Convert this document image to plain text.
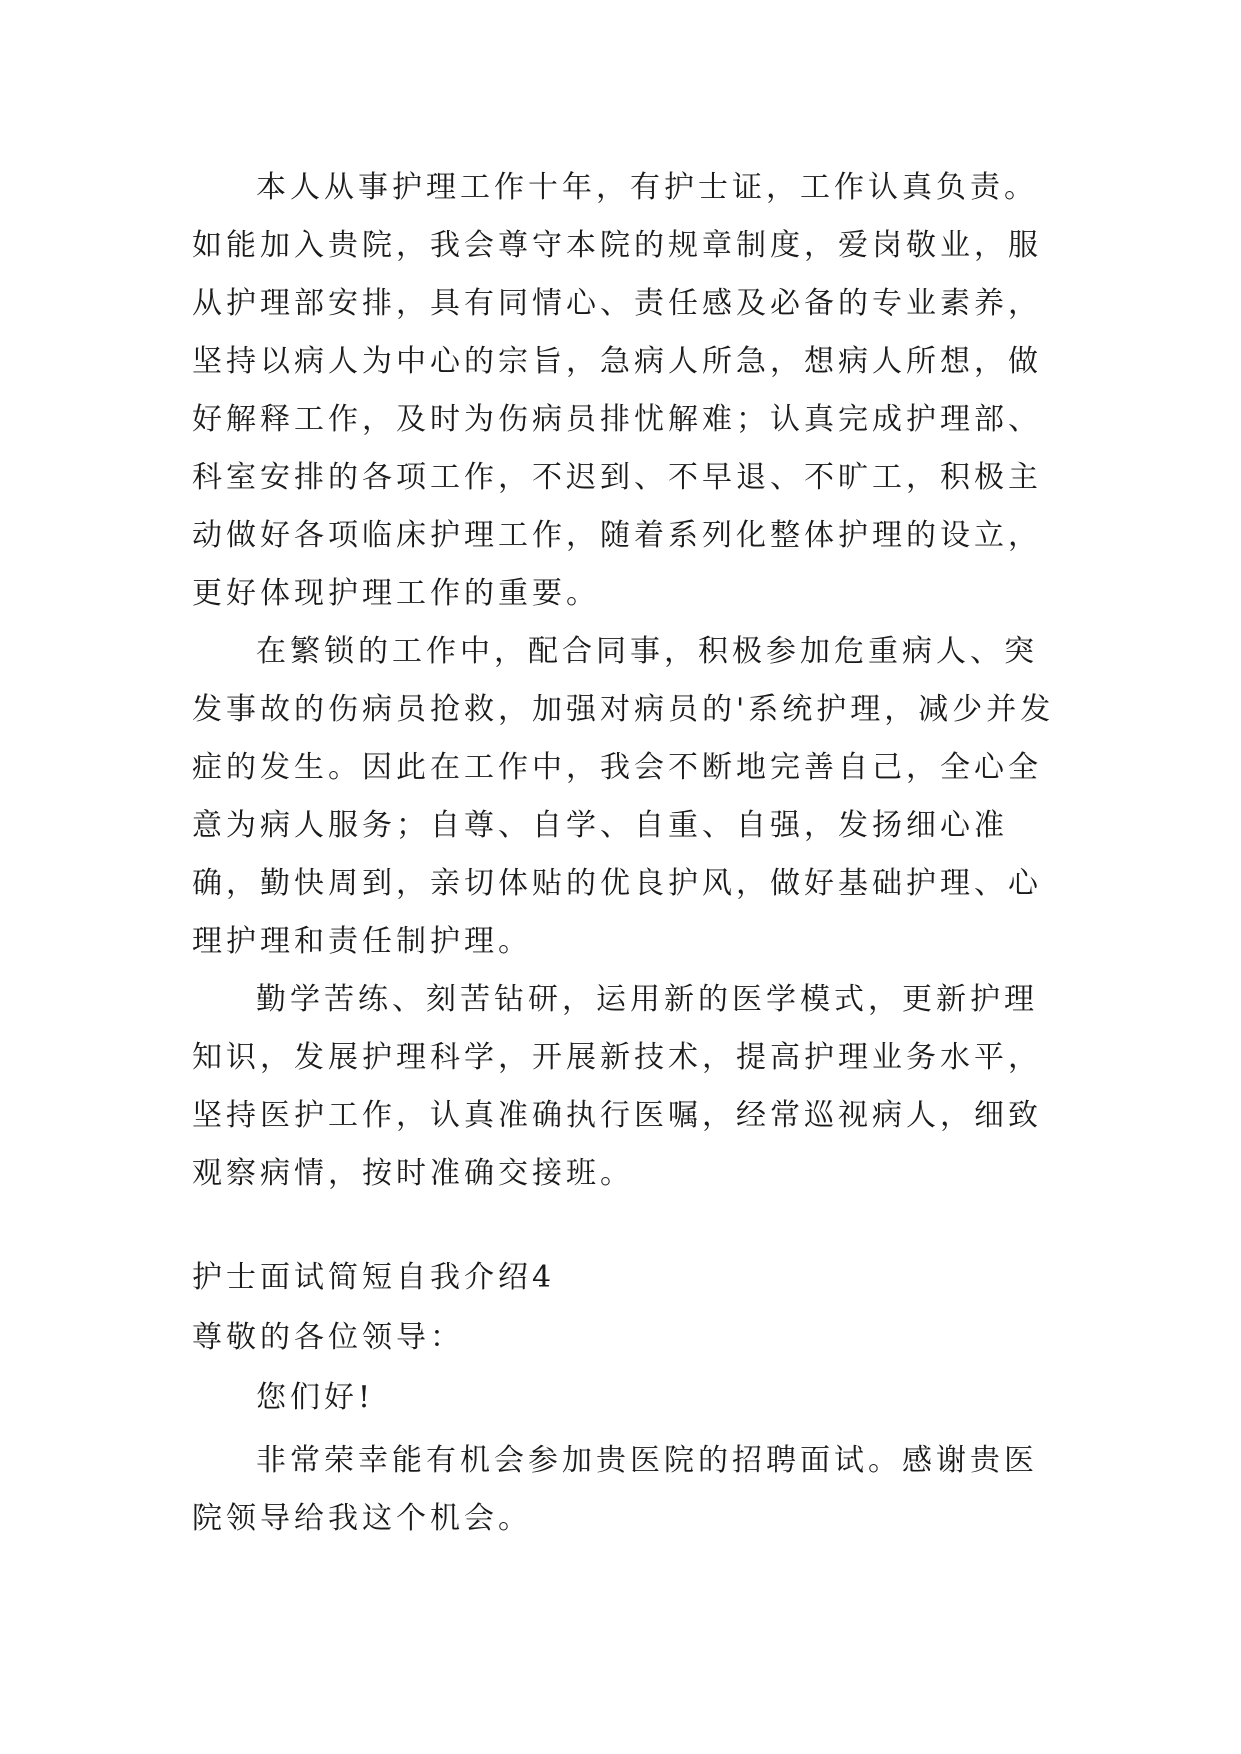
本人从事护理工作十年，有护士证，工作认真负责。如能加入贵院，我会尊守本院的规章制度，爱岗敬业，服从护理部安排，具有同情心、责任感及必备的专业素养，坚持以病人为中心的宗旨，急病人所急，想病人所想，做好解释工作，及时为伤病员排忧解难；认真完成护理部、科室安排的各项工作，不迟到、不早退、不旷工，积极主动做好各项临床护理工作，随着系列化整体护理的设立，更好体现护理工作的重要。

在繁锁的工作中，配合同事，积极参加危重病人、突发事故的伤病员抢救，加强对病员的'系统护理，减少并发症的发生。因此在工作中，我会不断地完善自己，全心全意为病人服务；自尊、自学、自重、自强，发扬细心准确，勤快周到，亲切体贴的优良护风，做好基础护理、心理护理和责任制护理。

勤学苦练、刻苦钻研，运用新的医学模式，更新护理知识，发展护理科学，开展新技术，提高护理业务水平，坚持医护工作，认真准确执行医嘱，经常巡视病人，细致观察病情，按时准确交接班。

护士面试简短自我介绍4

尊敬的各位领导：

您们好!

非常荣幸能有机会参加贵医院的招聘面试。感谢贵医院领导给我这个机会。
